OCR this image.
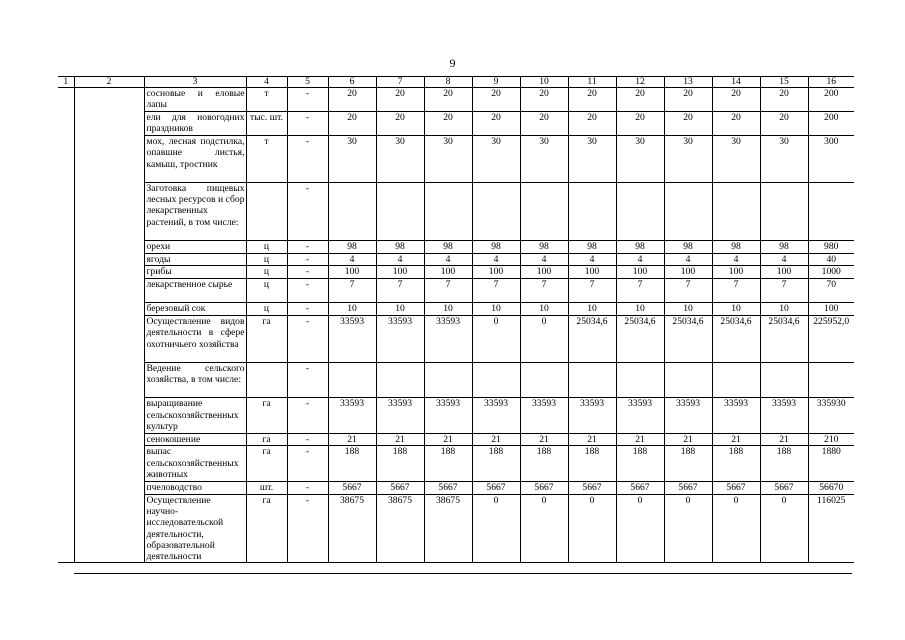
9
1	2	3	4	5	6	7	8	9	10	11	12	13	14	15	16
		сосновые и еловые лапы	т	-	20	20	20	20	20	20	20	20	20	20	200
		ели для новогодних праздников	тыс. шт.	-	20	20	20	20	20	20	20	20	20	20	200
		мох, лесная подстилка, опавшие листья, камыш, тростник	т	-	30	30	30	30	30	30	30	30	30	30	300
		Заготовка пищевых лесных ресурсов и сбор лекарственных растений, в том числе:		-											
		орехи	ц	-	98	98	98	98	98	98	98	98	98	98	980
		ягоды	ц	-	4	4	4	4	4	4	4	4	4	4	40
		грибы	ц	-	100	100	100	100	100	100	100	100	100	100	1000
		лекарственное сырье	ц	-	7	7	7	7	7	7	7	7	7	7	70
		березовый сок	ц	-	10	10	10	10	10	10	10	10	10	10	100
		Осуществление видов деятельности в сфере охотничьего хозяйства	га	-	33593	33593	33593	0	0	25034,6	25034,6	25034,6	25034,6	25034,6	225952,0
		Ведение сельского хозяйства, в том числе:		-											
		выращивание сельскохозяйственных культур	га	-	33593	33593	33593	33593	33593	33593	33593	33593	33593	33593	335930
		сенокошение	га	-	21	21	21	21	21	21	21	21	21	21	210
		выпас сельскохозяйственных животных	га	-	188	188	188	188	188	188	188	188	188	188	1880
		пчеловодство	шт.	-	5667	5667	5667	5667	5667	5667	5667	5667	5667	5667	56670
		Осуществление научно-исследовательской деятельности, образовательной деятельности	га	-	38675	38675	38675	0	0	0	0	0	0	0	116025
